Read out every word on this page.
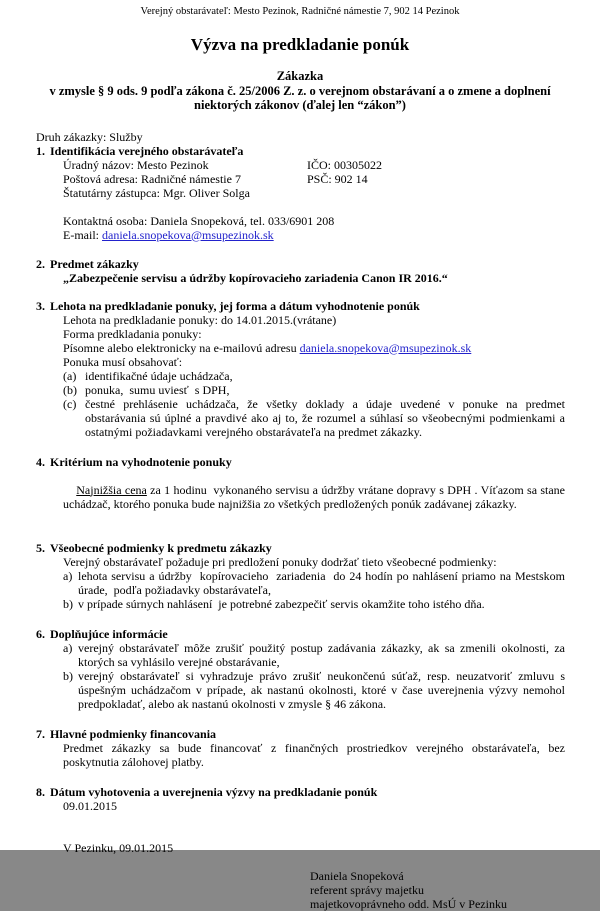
Verejný obstarávateľ: Mesto Pezinok, Radničné námestie 7, 902 14 Pezinok
Výzva na predkladanie ponúk
Zákazka
v zmysle § 9 ods. 9 podľa zákona č. 25/2006 Z. z. o verejnom obstarávaní a o zmene a doplnení
niektorých zákonov (ďalej len “zákon”)
Druh zákazky: Služby
1. Identifikácia verejného obstarávateľa
Úradný názov: Mesto Pezinok	IČO: 00305022
Poštová adresa: Radničné námestie 7	PSČ: 902 14
Štatutárny zástupca: Mgr. Oliver Solga
Kontaktná osoba: Daniela Snopeková, tel. 033/6901 208
E-mail: daniela.snopekova@msupezinok.sk
2. Predmet zákazky
„Zabezpečenie servisu a údržby kopírovacieho zariadenia Canon IR 2016.“
3. Lehota na predkladanie ponuky, jej forma a dátum vyhodnotenie ponúk
Lehota na predkladanie ponuky: do 14.01.2015.(vrátane)
Forma predkladania ponuky:
Písomne alebo elektronicky na e-mailovú adresu daniela.snopekova@msupezinok.sk
Ponuka musí obsahovať:
(a) identifikačné údaje uchádzača,
(b) ponuka,  sumu uviesť  s DPH,
(c) čestné prehlásenie uchádzača, že všetky doklady a údaje uvedené v ponuke na predmet obstarávania sú úplné a pravdivé ako aj to, že rozumel a súhlasí so všeobecnými podmienkami a ostatnými požiadavkami verejného obstarávateľa na predmet zákazky.
4. Kritérium na vyhodnotenie ponuky

Najnižšia cena za 1 hodinu  vykonaného servisu a údržby vrátane dopravy s DPH . Víťazom sa stane uchádzač, ktorého ponuka bude najnižšia zo všetkých predložených ponúk zadávanej zákazky.

5. Všeobecné podmienky k predmetu zákazky
Verejný obstarávateľ požaduje pri predložení ponuky dodržať tieto všeobecné podmienky:
a) lehota servisu a údržby  kopírovacieho  zariadenia  do 24 hodín po nahlásení priamo na Mestskom úrade,  podľa požiadavky obstarávateľa,
b) v prípade súrnych nahlásení  je potrebné zabezpečiť servis okamžite toho istého dňa.
6. Doplňujúce informácie
a) verejný obstarávateľ môže zrušiť použitý postup zadávania zákazky, ak sa zmenili okolnosti, za ktorých sa vyhlásilo verejné obstarávanie,
b) verejný obstarávateľ si vyhradzuje právo zrušiť neukončenú súťaž, resp. neuzatvoriť zmluvu s úspešným uchádzačom v prípade, ak nastanú okolnosti, ktoré v čase uverejnenia výzvy nemohol predpokladať, alebo ak nastanú okolnosti v zmysle § 46 zákona.
7. Hlavné podmienky financovania
Predmet zákazky sa bude financovať z finančných prostriedkov verejného obstarávateľa, bez poskytnutia zálohovej platby.
8. Dátum vyhotovenia a uverejnenia výzvy na predkladanie ponúk
09.01.2015
V Pezinku, 09.01.2015
Daniela Snopeková
referent správy majetku
majetkovoprávneho odd. MsÚ v Pezinku
